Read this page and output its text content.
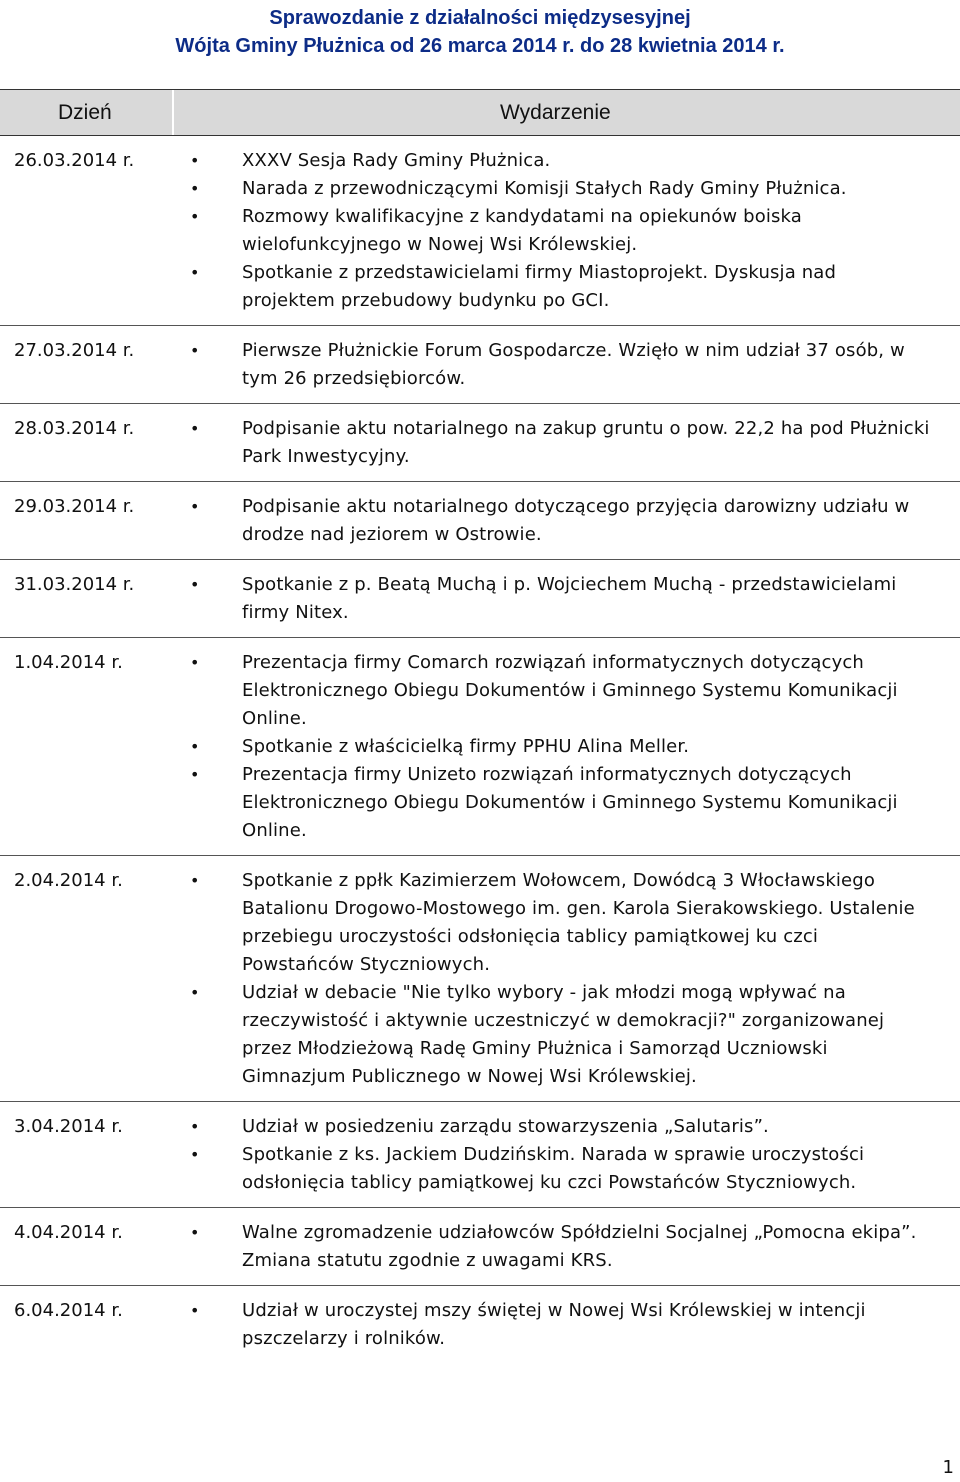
Sprawozdanie z działalności międzysesyjnej
Wójta Gminy Płużnica od 26 marca 2014 r. do 28 kwietnia 2014 r.
Dzień	Wydarzenie
26.03.2014 r.	• XXXV Sesja Rady Gminy Płużnica.
• Narada z przewodniczącymi Komisji Stałych Rady Gminy Płużnica.
• Rozmowy kwalifikacyjne z kandydatami na opiekunów boiska wielofunkcyjnego w Nowej Wsi Królewskiej.
• Spotkanie z przedstawicielami firmy Miastoprojekt. Dyskusja nad projektem przebudowy budynku po GCI.
27.03.2014 r.	• Pierwsze Płużnickie Forum Gospodarcze. Wzięło w nim udział 37 osób, w tym 26 przedsiębiorców.
28.03.2014 r.	• Podpisanie aktu notarialnego na zakup gruntu o pow. 22,2 ha pod Płużnicki Park Inwestycyjny.
29.03.2014 r.	• Podpisanie aktu notarialnego dotyczącego przyjęcia darowizny udziału w drodze nad jeziorem w Ostrowie.
31.03.2014 r.	• Spotkanie z p. Beatą Muchą i p. Wojciechem Muchą - przedstawicielami firmy Nitex.
1.04.2014 r.	• Prezentacja firmy Comarch rozwiązań informatycznych dotyczących Elektronicznego Obiegu Dokumentów i Gminnego Systemu Komunikacji Online.
• Spotkanie z właścicielką firmy PPHU Alina Meller.
• Prezentacja firmy Unizeto rozwiązań informatycznych dotyczących Elektronicznego Obiegu Dokumentów i Gminnego Systemu Komunikacji Online.
2.04.2014 r.	• Spotkanie z ppłk Kazimierzem Wołowcem, Dowódcą 3 Włocławskiego Batalionu Drogowo-Mostowego im. gen. Karola Sierakowskiego. Ustalenie przebiegu uroczystości odsłonięcia tablicy pamiątkowej ku czci Powstańców Styczniowych.
• Udział w debacie "Nie tylko wybory - jak młodzi mogą wpływać na rzeczywistość i aktywnie uczestniczyć w demokracji?" zorganizowanej przez Młodzieżową Radę Gminy Płużnica i Samorząd Uczniowski Gimnazjum Publicznego w Nowej Wsi Królewskiej.
3.04.2014 r.	• Udział w posiedzeniu zarządu stowarzyszenia „Salutaris”.
• Spotkanie z ks. Jackiem Dudzińskim. Narada w sprawie uroczystości odsłonięcia tablicy pamiątkowej ku czci Powstańców Styczniowych.
4.04.2014 r.	• Walne zgromadzenie udziałowców Spółdzielni Socjalnej „Pomocna ekipa”. Zmiana statutu zgodnie z uwagami KRS.
6.04.2014 r.	• Udział w uroczystej mszy świętej w Nowej Wsi Królewskiej w intencji pszczelarzy i rolników.
1
